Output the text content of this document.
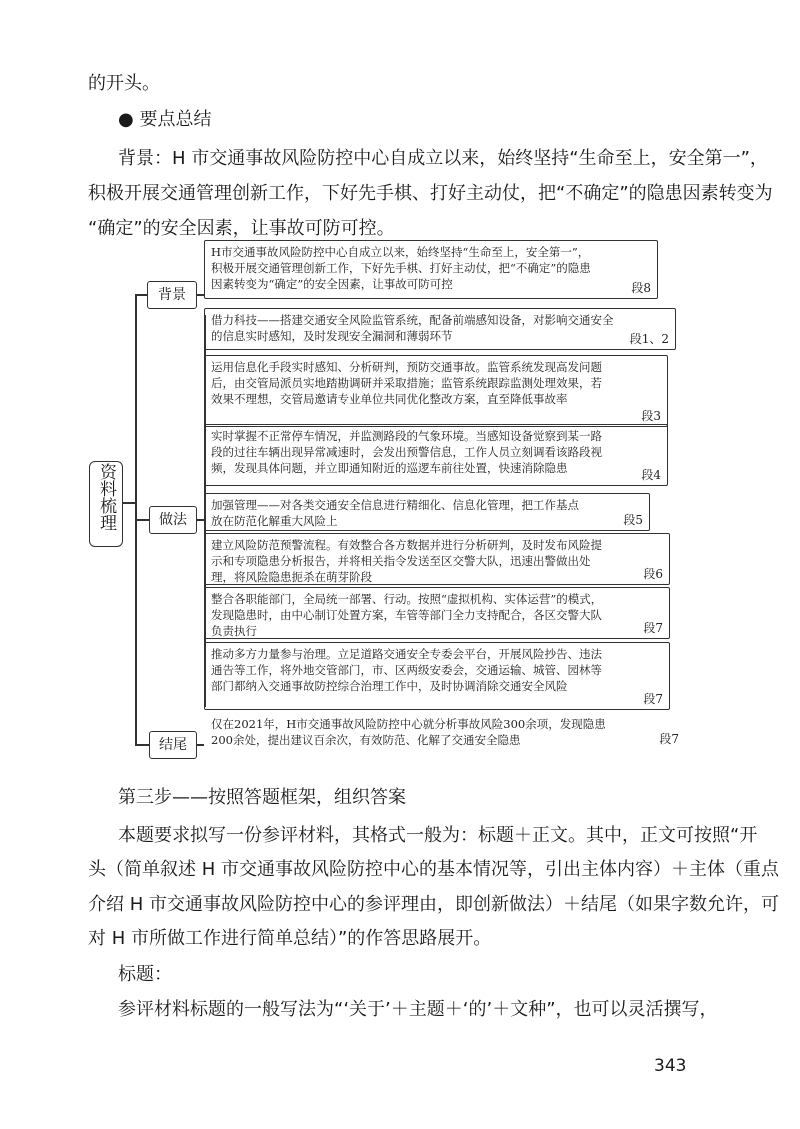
的开头。
● 要点总结
背景：H 市交通事故风险防控中心自成立以来，始终坚持“生命至上，安全第一”，
积极开展交通管理创新工作，下好先手棋、打好主动仗，把“不确定”的隐患因素转变为
“确定”的安全因素，让事故可防可控。
资料梳理
背景
做法
结尾
H市交通事故风险防控中心自成立以来，始终坚持“生命至上，安全第一”，积极开展交通管理创新工作，下好先手棋、打好主动仗，把“不确定”的隐患因素转变为“确定”的安全因素，让事故可防可控	段8
借力科技——搭建交通安全风险监管系统，配备前端感知设备，对影响交通安全的信息实时感知，及时发现安全漏洞和薄弱环节	段1、2
运用信息化手段实时感知、分析研判，预防交通事故。监管系统发现高发问题后，由交管局派员实地踏勘调研并采取措施；监管系统跟踪监测处理效果，若效果不理想，交管局邀请专业单位共同优化整改方案，直至降低事故率
段3
实时掌握不正常停车情况，并监测路段的气象环境。当感知设备觉察到某一路段的过往车辆出现异常减速时，会发出预警信息，工作人员立刻调看该路段视频，发现具体问题，并立即通知附近的巡逻车前往处置，快速消除隐患	段4
加强管理——对各类交通安全信息进行精细化、信息化管理，把工作基点放在防范化解重大风险上	段5
建立风险防范预警流程。有效整合各方数据并进行分析研判，及时发布风险提示和专项隐患分析报告，并将相关指令发送至区交警大队，迅速出警做出处理，将风险隐患扼杀在萌芽阶段	段6
整合各职能部门，全局统一部署、行动。按照“虚拟机构、实体运营”的模式，发现隐患时，由中心制订处置方案，车管等部门全力支持配合，各区交警大队负责执行	段7
推动多方力量参与治理。立足道路交通安全专委会平台，开展风险抄告、违法通告等工作，将外地交管部门，市、区两级安委会，交通运输、城管、园林等部门都纳入交通事故防控综合治理工作中，及时协调消除交通安全风险
段7
仅在2021年，H市交通事故风险防控中心就分析事故风险300余项，发现隐患200余处，提出建议百余次，有效防范、化解了交通安全隐患	段7
第三步——按照答题框架，组织答案
本题要求拟写一份参评材料，其格式一般为：标题＋正文。其中，正文可按照“开
头（简单叙述 H 市交通事故风险防控中心的基本情况等，引出主体内容）＋主体（重点
介绍 H 市交通事故风险防控中心的参评理由，即创新做法）＋结尾（如果字数允许，可
对 H 市所做工作进行简单总结）”的作答思路展开。
标题：
参评材料标题的一般写法为“‘关于’＋主题＋‘的’＋文种”，也可以灵活撰写，
343
